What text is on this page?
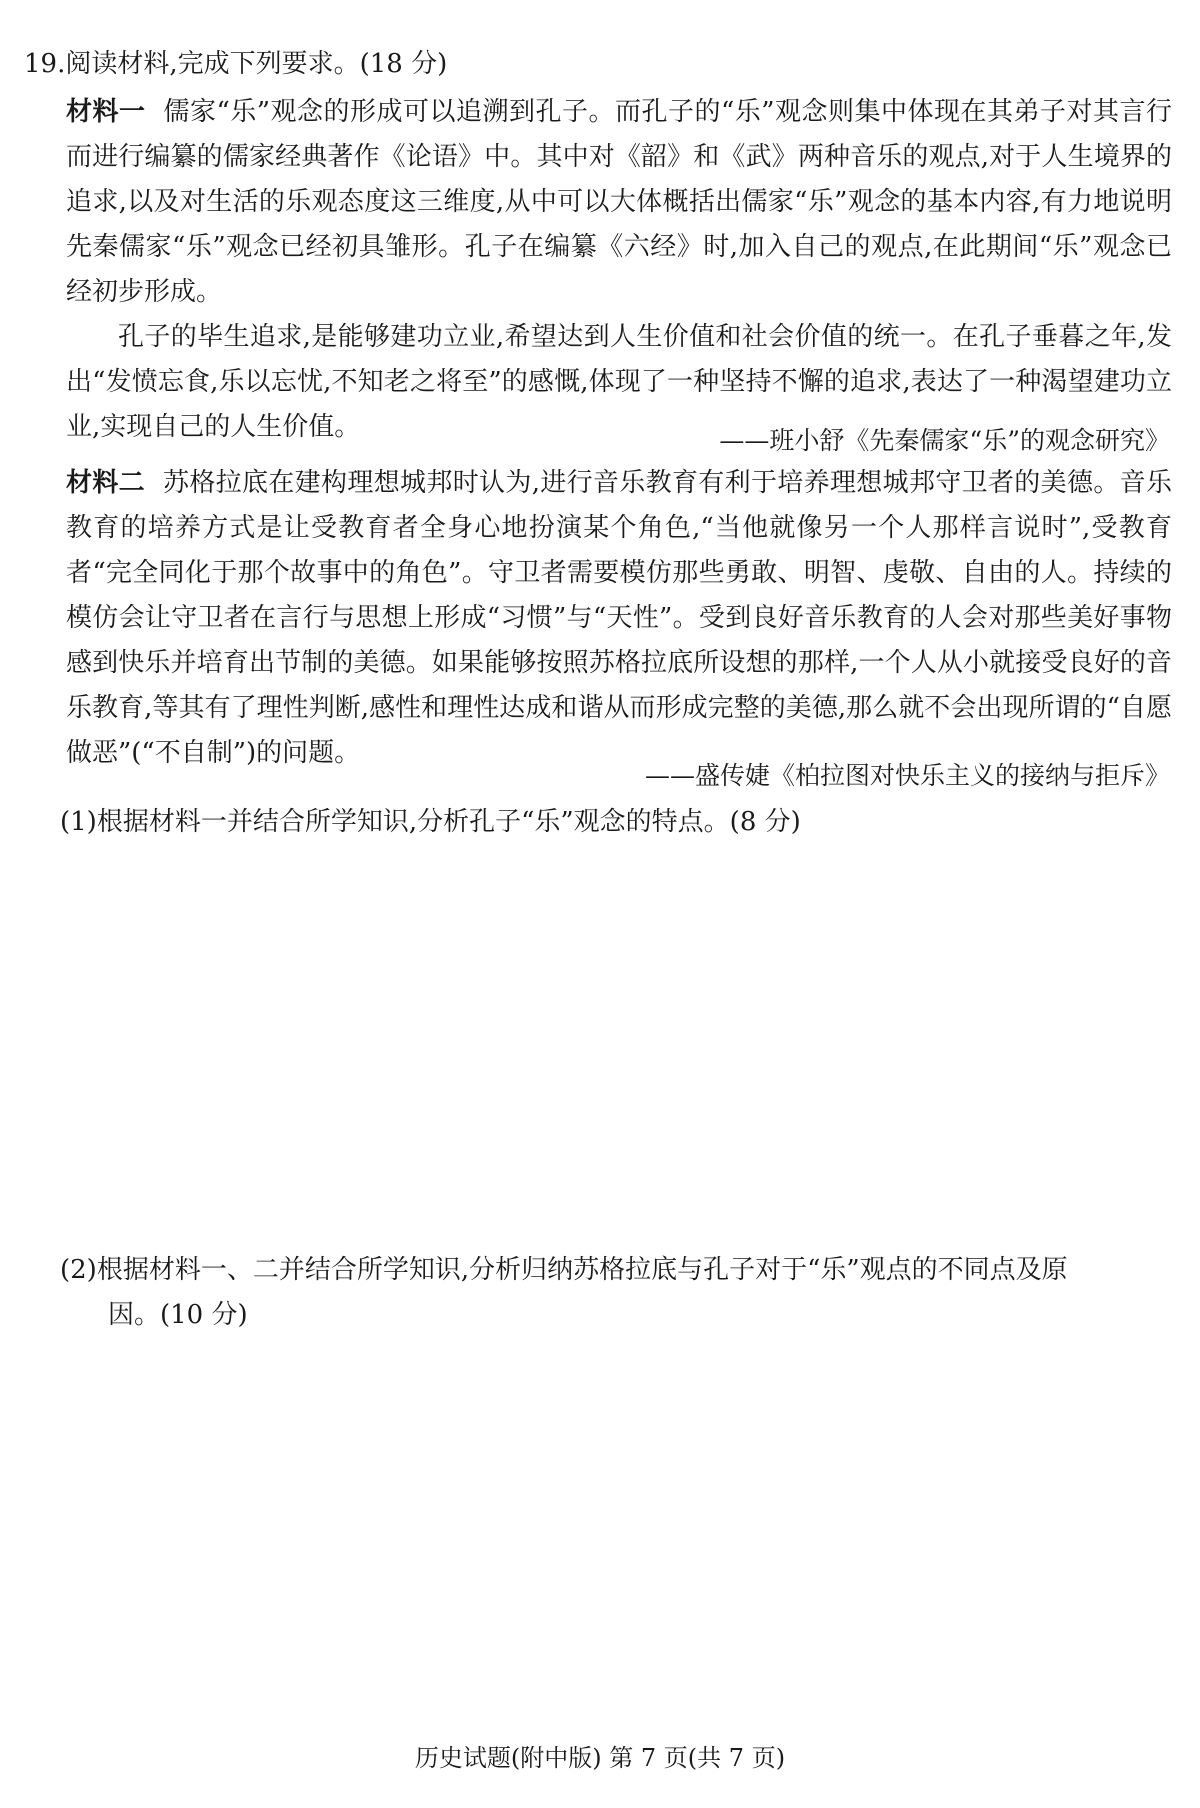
19.阅读材料,完成下列要求。(18 分)

材料一 儒家“乐”观念的形成可以追溯到孔子。而孔子的“乐”观念则集中体现在其弟子对其言行而进行编纂的儒家经典著作《论语》中。其中对《韶》和《武》两种音乐的观点,对于人生境界的追求,以及对生活的乐观态度这三维度,从中可以大体概括出儒家“乐”观念的基本内容,有力地说明先秦儒家“乐”观念已经初具雏形。孔子在编纂《六经》时,加入自己的观点,在此期间“乐”观念已经初步形成。

孔子的毕生追求,是能够建功立业,希望达到人生价值和社会价值的统一。在孔子垂暮之年,发出“发愤忘食,乐以忘忧,不知老之将至”的感慨,体现了一种坚持不懈的追求,表达了一种渴望建功立业,实现自己的人生价值。	——班小舒《先秦儒家“乐”的观念研究》

材料二 苏格拉底在建构理想城邦时认为,进行音乐教育有利于培养理想城邦守卫者的美德。音乐教育的培养方式是让受教育者全身心地扮演某个角色,“当他就像另一个人那样言说时”,受教育者“完全同化于那个故事中的角色”。守卫者需要模仿那些勇敢、明智、虔敬、自由的人。持续的模仿会让守卫者在言行与思想上形成“习惯”与“天性”。受到良好音乐教育的人会对那些美好事物感到快乐并培育出节制的美德。如果能够按照苏格拉底所设想的那样,一个人从小就接受良好的音乐教育,等其有了理性判断,感性和理性达成和谐从而形成完整的美德,那么就不会出现所谓的“自愿做恶”(“不自制”)的问题。

——盛传婕《柏拉图对快乐主义的接纳与拒斥》
(1)根据材料一并结合所学知识,分析孔子“乐”观念的特点。(8 分)
(2)根据材料一、二并结合所学知识,分析归纳苏格拉底与孔子对于“乐”观点的不同点及原
因。(10 分)
历史试题(附中版) 第 7 页(共 7 页)
